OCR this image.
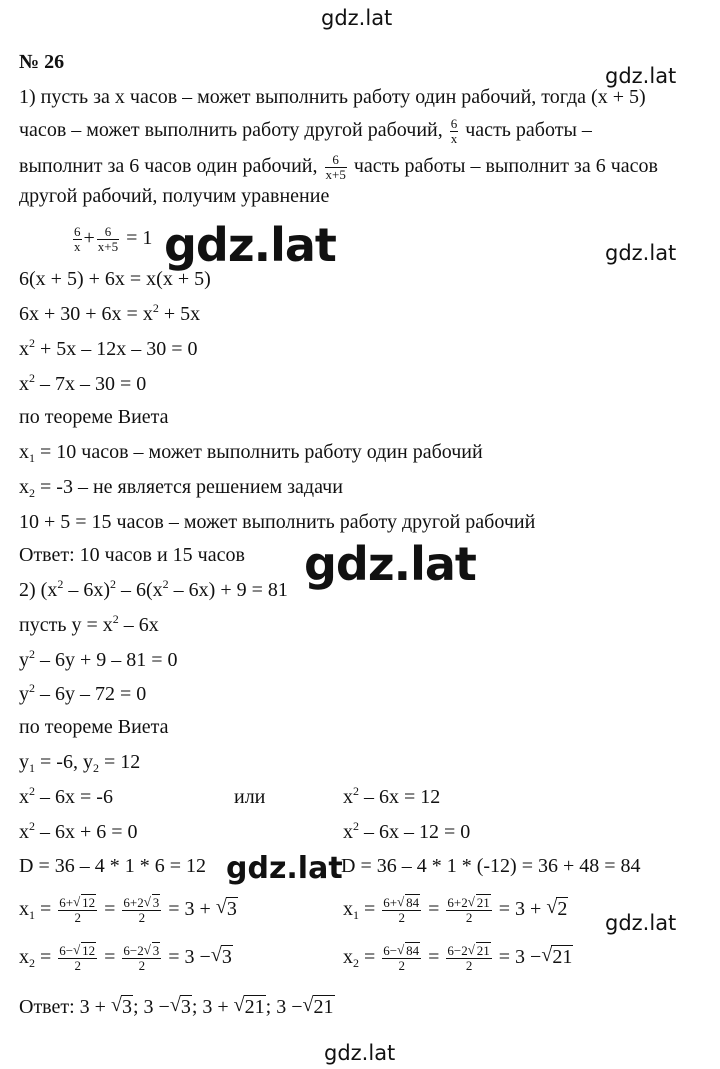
gdz.lat
gdz.lat
gdz.lat	gdz.lat
gdz.lat
gdz.lat
gdz.lat
gdz.lat
№ 26
1) пусть за x часов – может выполнить работу один рабочий, тогда (x + 5)
часов – может выполнить работу другой рабочий, $\frac{6}{x}$ часть работы –
выполнит за 6 часов один рабочий, $\frac{6}{x+5}$ часть работы – выполнит за 6 часов
другой рабочий, получим уравнение
$\frac{6}{x} + \frac{6}{x+5} = 1$
6(x + 5) + 6x = x(x + 5)
$6x + 30 + 6x = x^2 + 5x$
$x^2 + 5x - 12x - 30 = 0$
$x^2 - 7x - 30 = 0$
по теореме Виета
$x_1 = 10$ часов – может выполнить работу один рабочий
$x_2 = -3$ – не является решением задачи
10 + 5 = 15 часов – может выполнить работу другой рабочий
Ответ: 10 часов и 15 часов
2) $(x^2 - 6x)^2 - 6(x^2 - 6x) + 9 = 81$
пусть $y = x^2 - 6x$
$y^2 - 6y + 9 - 81 = 0$
$y^2 - 6y - 72 = 0$
по теореме Виета
$y_1 = -6$, $y_2 = 12$
$x^2 - 6x = -6$	или	$x^2 - 6x = 12$
$x^2 - 6x + 6 = 0$	$x^2 - 6x - 12 = 0$
D = 36 – 4 * 1 * 6 = 12	D = 36 – 4 * 1 * (-12) = 36 + 48 = 84
$x_1 = \frac{6+ √ 12}{2} = \frac{6+2 √ 3}{2} = 3$ + √ 3	$x_1 = \frac{6+ √ 84}{2} = \frac{6+2 √ 21}{2} = 3$ + √ 2
$x_2 = \frac{6- √ 12}{2} = \frac{6-2 √ 3}{2} = 3$ − √ 3	$x_2 = \frac{6- √ 84}{2} = \frac{6-2 √ 21}{2} = 3$ − √ 21
Ответ: 3 + √ 3; 3 − √ 3; 3 + √ 21; 3 − √ 21
